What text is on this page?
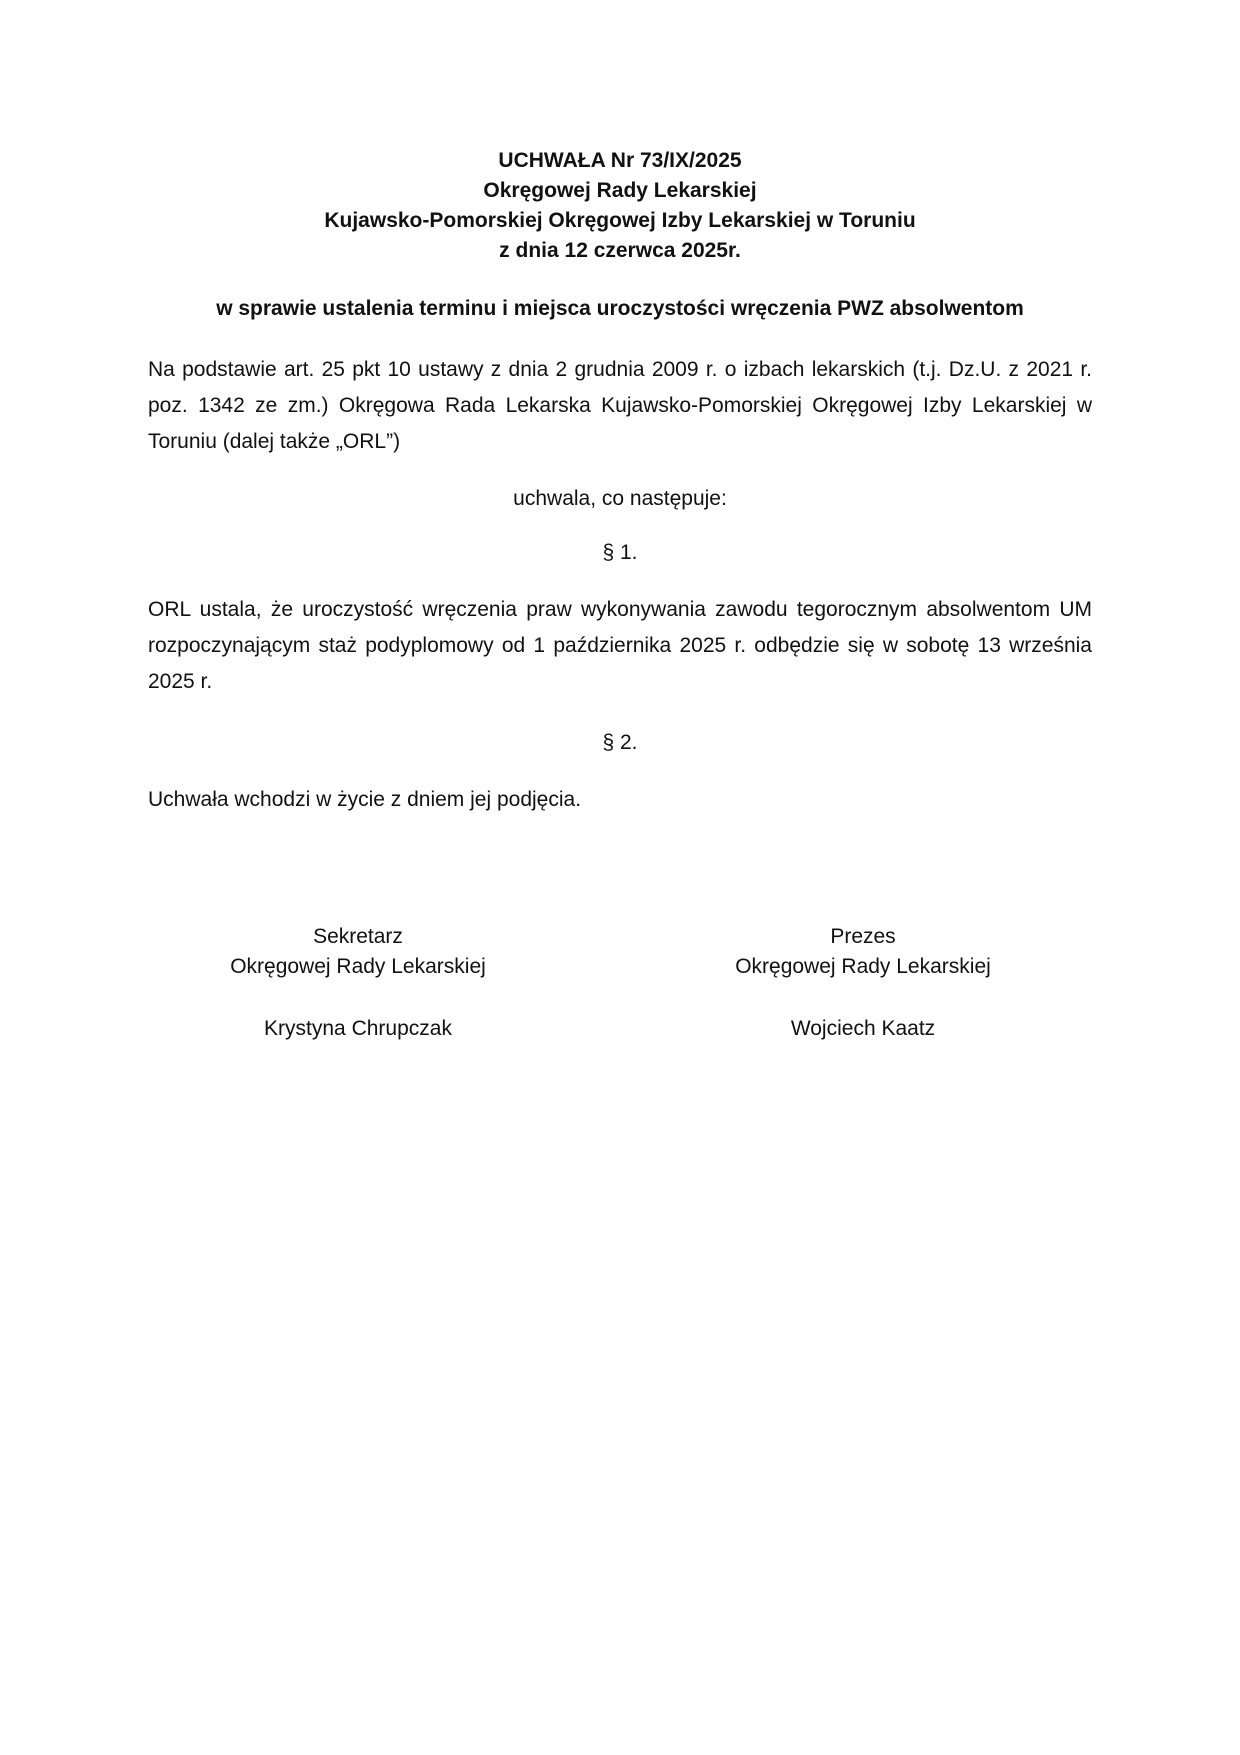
UCHWAŁA Nr 73/IX/2025
Okręgowej Rady Lekarskiej
Kujawsko-Pomorskiej Okręgowej Izby Lekarskiej w Toruniu
z dnia 12 czerwca 2025r.
w sprawie ustalenia terminu i miejsca uroczystości wręczenia PWZ absolwentom
Na podstawie art. 25 pkt 10 ustawy z dnia 2 grudnia 2009 r. o izbach lekarskich (t.j. Dz.U. z 2021 r. poz. 1342 ze zm.) Okręgowa Rada Lekarska Kujawsko-Pomorskiej Okręgowej Izby Lekarskiej w Toruniu (dalej także „ORL”)
uchwala, co następuje:
§ 1.
ORL ustala, że uroczystość wręczenia praw wykonywania zawodu tegorocznym absolwentom UM rozpoczynającym staż podyplomowy od 1 października 2025 r. odbędzie się w sobotę 13 września 2025 r.
§ 2.
Uchwała wchodzi w życie z dniem jej podjęcia.
Sekretarz
Okręgowej Rady Lekarskiej
Krystyna Chrupczak
Prezes
Okręgowej Rady Lekarskiej
Wojciech Kaatz
